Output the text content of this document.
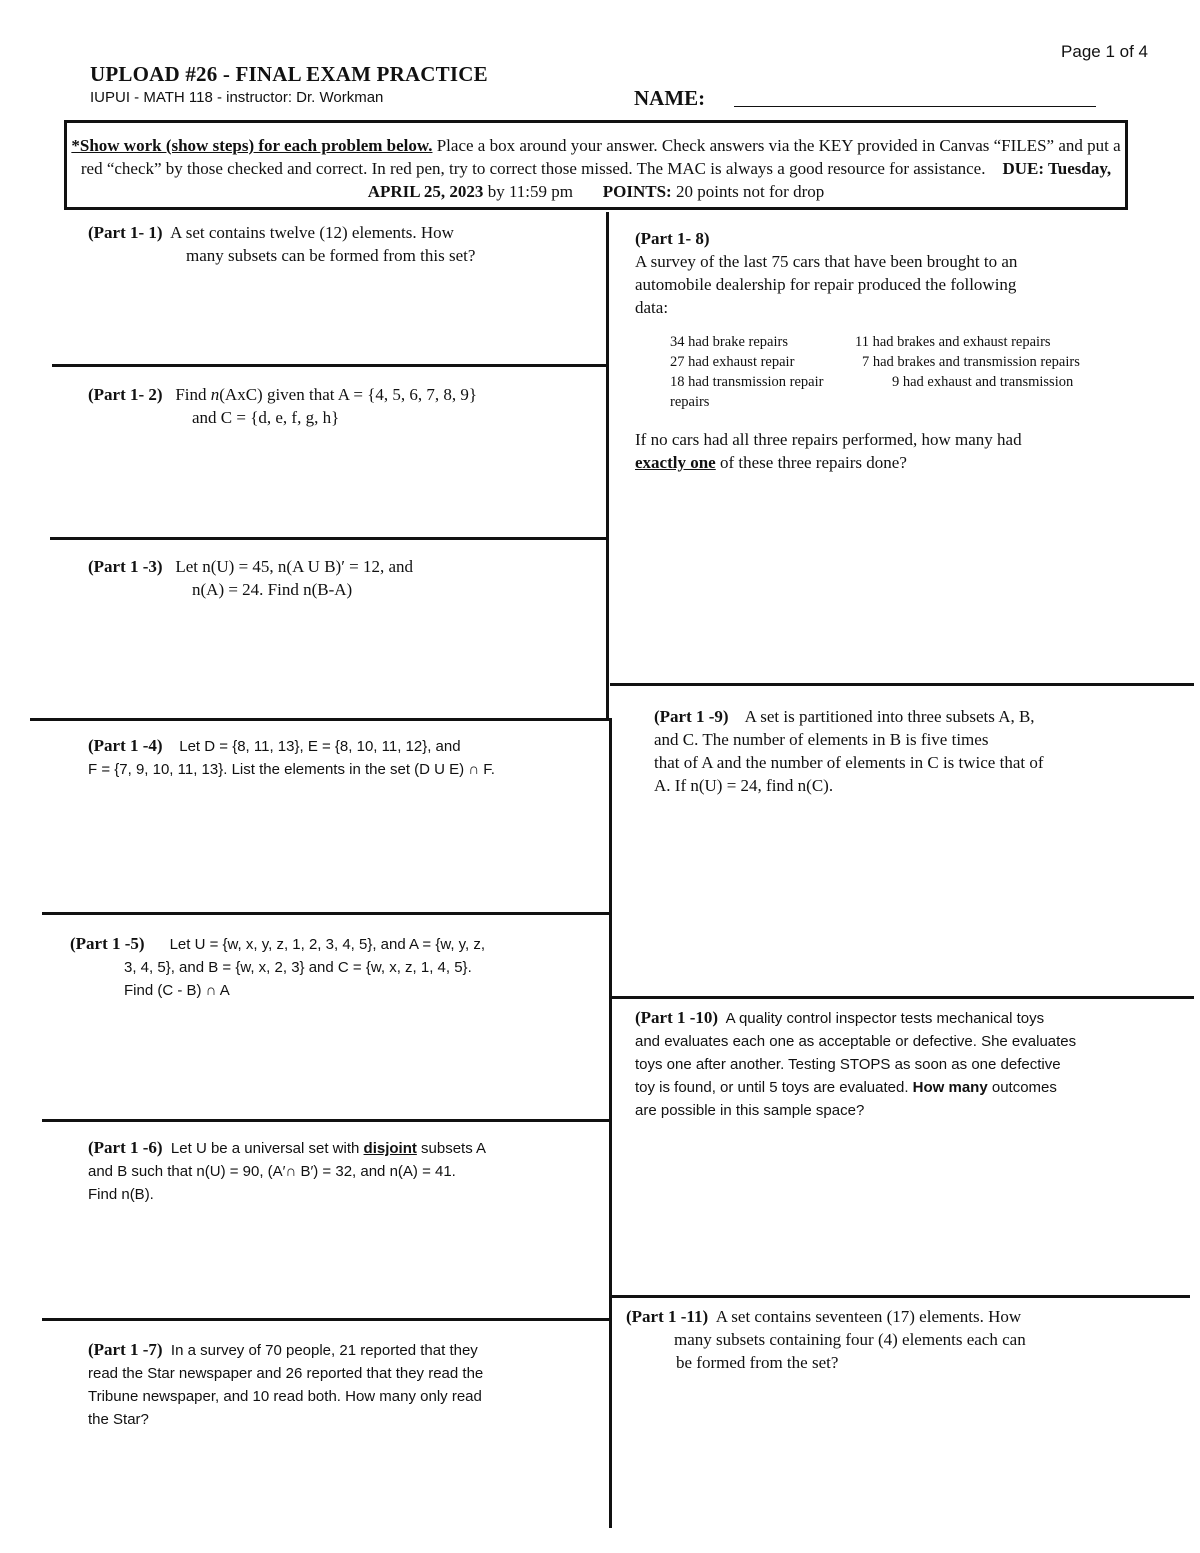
Page 1 of 4
UPLOAD #26 - FINAL EXAM PRACTICE
IUPUI - MATH 118 - instructor: Dr. Workman	NAME:
*Show work (show steps) for each problem below. Place a box around your answer. Check answers via the KEY provided in Canvas “FILES” and put a red “check” by those checked and correct. In red pen, try to correct those missed. The MAC is always a good resource for assistance. DUE: Tuesday, APRIL 25, 2023 by 11:59 pm POINTS: 20 points not for drop
(Part 1- 1) A set contains twelve (12) elements. How
many subsets can be formed from this set?
(Part 1- 2) Find n(AxC) given that A = {4, 5, 6, 7, 8, 9}
and C = {d, e, f, g, h}
(Part 1 -3) Let n(U) = 45, n(A U B)′ = 12, and
n(A) = 24. Find n(B-A)
(Part 1 -4) Let D = {8, 11, 13}, E = {8, 10, 11, 12}, and
F = {7, 9, 10, 11, 13}. List the elements in the set (D U E) ∩ F.
(Part 1 -5) Let U = {w, x, y, z, 1, 2, 3, 4, 5}, and A = {w, y, z,
3, 4, 5}, and B = {w, x, 2, 3} and C = {w, x, z, 1, 4, 5}.
Find (C - B) ∩ A
(Part 1 -6) Let U be a universal set with disjoint subsets A
and B such that n(U) = 90, (A′∩ B′) = 32, and n(A) = 41.
Find n(B).
(Part 1 -7) In a survey of 70 people, 21 reported that they
read the Star newspaper and 26 reported that they read the
Tribune newspaper, and 10 read both. How many only read
the Star?
(Part 1- 8)
A survey of the last 75 cars that have been brought to an
automobile dealership for repair produced the following
data:
34 had brake repairs	11 had brakes and exhaust repairs
27 had exhaust repair	7 had brakes and transmission repairs
18 had transmission repair	9 had exhaust and transmission
repairs
If no cars had all three repairs performed, how many had
exactly one of these three repairs done?
(Part 1 -9) A set is partitioned into three subsets A, B,
and C. The number of elements in B is five times
that of A and the number of elements in C is twice that of
A. If n(U) = 24, find n(C).
(Part 1 -10) A quality control inspector tests mechanical toys
and evaluates each one as acceptable or defective. She evaluates
toys one after another. Testing STOPS as soon as one defective
toy is found, or until 5 toys are evaluated. How many outcomes
are possible in this sample space?
(Part 1 -11) A set contains seventeen (17) elements. How
many subsets containing four (4) elements each can
be formed from the set?
